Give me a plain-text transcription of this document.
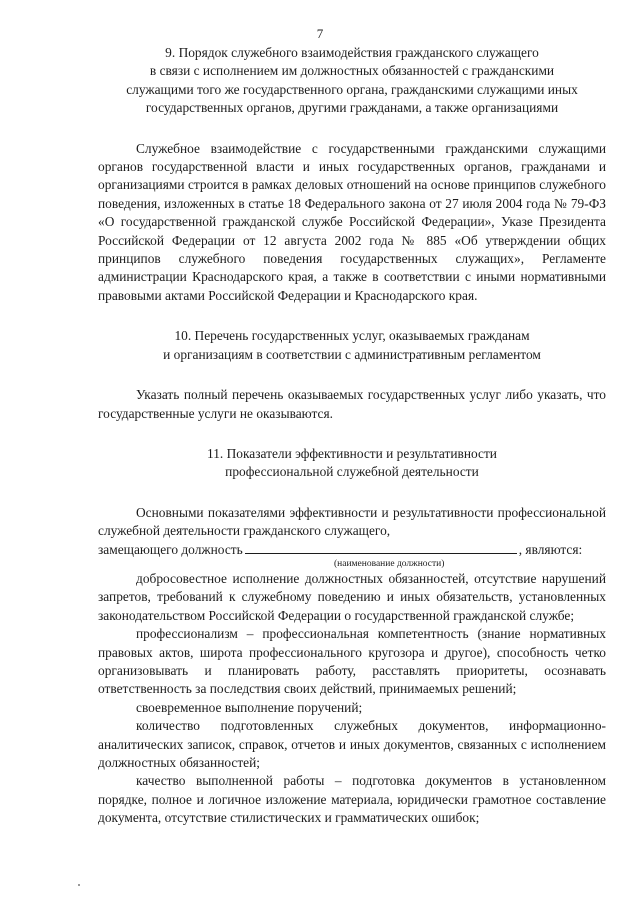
7
9. Порядок служебного взаимодействия гражданского служащего
в связи с исполнением им должностных обязанностей с гражданскими
служащими того же государственного органа, гражданскими служащими иных
государственных органов, другими гражданами, а также организациями

Служебное взаимодействие с государственными гражданскими служащими органов государственной власти и иных государственных органов, гражданами и организациями строится в рамках деловых отношений на основе принципов служебного поведения, изложенных в статье 18 Федерального закона от 27 июля 2004 года № 79-ФЗ «О государственной гражданской службе Российской Федерации», Указе Президента Российской Федерации от 12 августа 2002 года № 885 «Об утверждении общих принципов служебного поведения государственных служащих», Регламенте администрации Краснодарского края, а также в соответствии с иными нормативными правовыми актами Российской Федерации и Краснодарского края.

10. Перечень государственных услуг, оказываемых гражданам
и организациям в соответствии с административным регламентом

Указать полный перечень оказываемых государственных услуг либо указать, что государственные услуги не оказываются.

11. Показатели эффективности и результативности
профессиональной служебной деятельности

Основными показателями эффективности и результативности профессиональной служебной деятельности гражданского служащего,

замещающего должность	, являются:

(наименование должности)

добросовестное исполнение должностных обязанностей, отсутствие нарушений запретов, требований к служебному поведению и иных обязательств, установленных законодательством Российской Федерации о государственной гражданской службе;

профессионализм – профессиональная компетентность (знание нормативных правовых актов, широта профессионального кругозора и другое), способность четко организовывать и планировать работу, расставлять приоритеты, осознавать ответственность за последствия своих действий, принимаемых решений;

своевременное выполнение поручений;

количество подготовленных служебных документов, информационно-аналитических записок, справок, отчетов и иных документов, связанных с исполнением должностных обязанностей;

качество выполненной работы – подготовка документов в установленном порядке, полное и логичное изложение материала, юридически грамотное составление документа, отсутствие стилистических и грамматических ошибок;
